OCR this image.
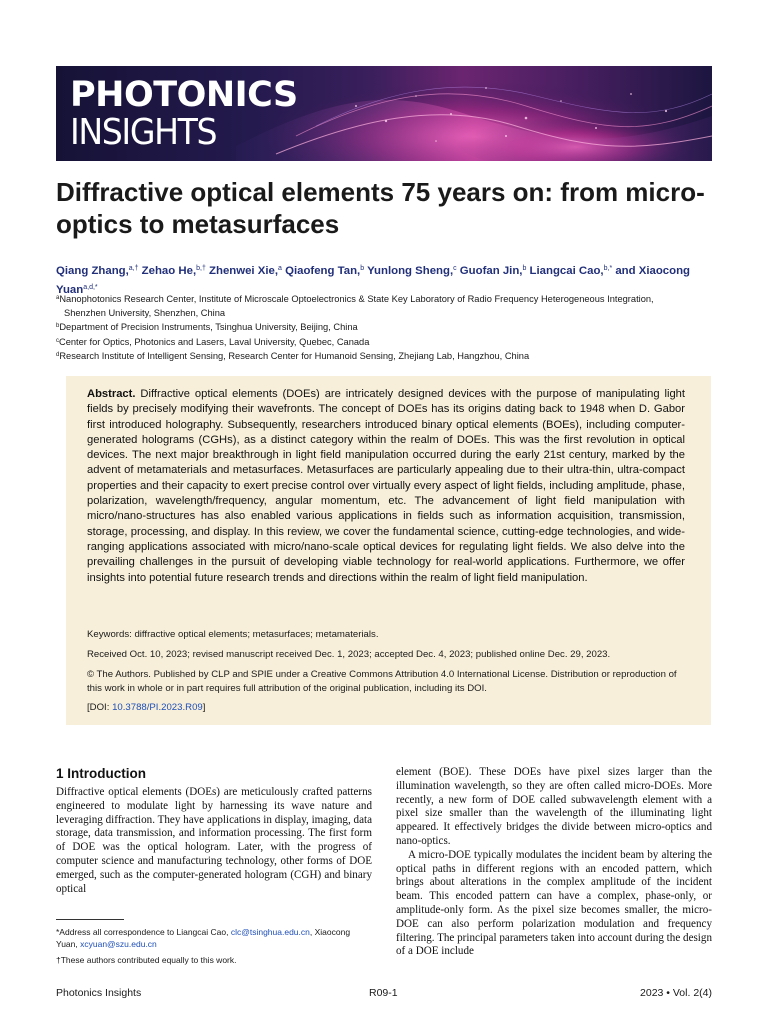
PHOTONICS
INSIGHTS
Diffractive optical elements 75 years on: from micro-optics to metasurfaces
Qiang Zhang,$^{a,\dagger}$ Zehao He,$^{b,\dagger}$ Zhenwei Xie,$^a$ Qiaofeng Tan,$^b$ Yunlong Sheng,$^c$ Guofan Jin,$^b$ Liangcai Cao,$^{b,*}$ and Xiaocong Yuan$^{a,d,*}$
$^a$Nanophotonics Research Center, Institute of Microscale Optoelectronics & State Key Laboratory of Radio Frequency Heterogeneous Integration,
Shenzhen University, Shenzhen, China
$^b$Department of Precision Instruments, Tsinghua University, Beijing, China
$^c$Center for Optics, Photonics and Lasers, Laval University, Quebec, Canada
$^d$Research Institute of Intelligent Sensing, Research Center for Humanoid Sensing, Zhejiang Lab, Hangzhou, China
Abstract. Diffractive optical elements (DOEs) are intricately designed devices with the purpose of manipulating light fields by precisely modifying their wavefronts. The concept of DOEs has its origins dating back to 1948 when D. Gabor first introduced holography. Subsequently, researchers introduced binary optical elements (BOEs), including computer-generated holograms (CGHs), as a distinct category within the realm of DOEs. This was the first revolution in optical devices. The next major breakthrough in light field manipulation occurred during the early 21st century, marked by the advent of metamaterials and metasurfaces. Metasurfaces are particularly appealing due to their ultra-thin, ultra-compact properties and their capacity to exert precise control over virtually every aspect of light fields, including amplitude, phase, polarization, wavelength/frequency, angular momentum, etc. The advancement of light field manipulation with micro/nano-structures has also enabled various applications in fields such as information acquisition, transmission, storage, processing, and display. In this review, we cover the fundamental science, cutting-edge technologies, and wide-ranging applications associated with micro/nano-scale optical devices for regulating light fields. We also delve into the prevailing challenges in the pursuit of developing viable technology for real-world applications. Furthermore, we offer insights into potential future research trends and directions within the realm of light field manipulation.
Keywords: diffractive optical elements; metasurfaces; metamaterials.
Received Oct. 10, 2023; revised manuscript received Dec. 1, 2023; accepted Dec. 4, 2023; published online Dec. 29, 2023.
© The Authors. Published by CLP and SPIE under a Creative Commons Attribution 4.0 International License. Distribution or reproduction of this work in whole or in part requires full attribution of the original publication, including its DOI.
[DOI: 10.3788/PI.2023.R09]
1 Introduction

Diffractive optical elements (DOEs) are meticulously crafted patterns engineered to modulate light by harnessing its wave nature and leveraging diffraction. They have applications in display, imaging, data storage, data transmission, and information processing. The first form of DOE was the optical hologram. Later, with the progress of computer science and manufacturing technology, other forms of DOE emerged, such as the computer-generated hologram (CGH) and binary optical

element (BOE). These DOEs have pixel sizes larger than the illumination wavelength, so they are often called micro-DOEs. More recently, a new form of DOE called subwavelength element with a pixel size smaller than the wavelength of the illuminating light appeared. It effectively bridges the divide between micro-optics and nano-optics.

A micro-DOE typically modulates the incident beam by altering the optical paths in different regions with an encoded pattern, which brings about alterations in the complex amplitude of the incident beam. This encoded pattern can have a complex, phase-only, or amplitude-only form. As the pixel size becomes smaller, the micro-DOE can also perform polarization modulation and frequency filtering. The principal parameters taken into account during the design of a DOE include

*Address all correspondence to Liangcai Cao, clc@tsinghua.edu.cn, Xiaocong Yuan, xcyuan@szu.edu.cn
†These authors contributed equally to this work.
Photonics Insights	R09-1	2023 • Vol. 2(4)
